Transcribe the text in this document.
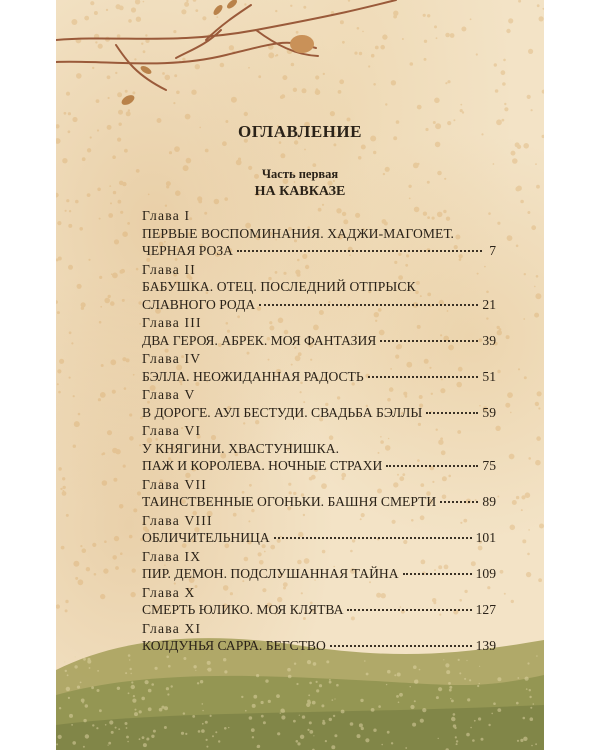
ОГЛАВЛЕНИЕ
Часть первая
НА КАВКАЗЕ
Глава I
ПЕРВЫЕ ВОСПОМИНАНИЯ. ХАДЖИ-МАГОМЕТ.
ЧЕРНАЯ РОЗА	7
Глава II
БАБУШКА. ОТЕЦ. ПОСЛЕДНИЙ ОТПРЫСК
СЛАВНОГО РОДА	21
Глава III
ДВА ГЕРОЯ. АБРЕК. МОЯ ФАНТАЗИЯ	39
Глава IV
БЭЛЛА. НЕОЖИДАННАЯ РАДОСТЬ	51
Глава V
В ДОРОГЕ. АУЛ БЕСТУДИ. СВАДЬБА БЭЛЛЫ	59
Глава VI
У КНЯГИНИ. ХВАСТУНИШКА.
ПАЖ И КОРОЛЕВА. НОЧНЫЕ СТРАХИ	75
Глава VII
ТАИНСТВЕННЫЕ ОГОНЬКИ. БАШНЯ СМЕРТИ	89
Глава VIII
ОБЛИЧИТЕЛЬНИЦА	101
Глава IX
ПИР. ДЕМОН. ПОДСЛУШАННАЯ ТАЙНА	109
Глава X
СМЕРТЬ ЮЛИКО. МОЯ КЛЯТВА	127
Глава XI
КОЛДУНЬЯ САРРА. БЕГСТВО	139
